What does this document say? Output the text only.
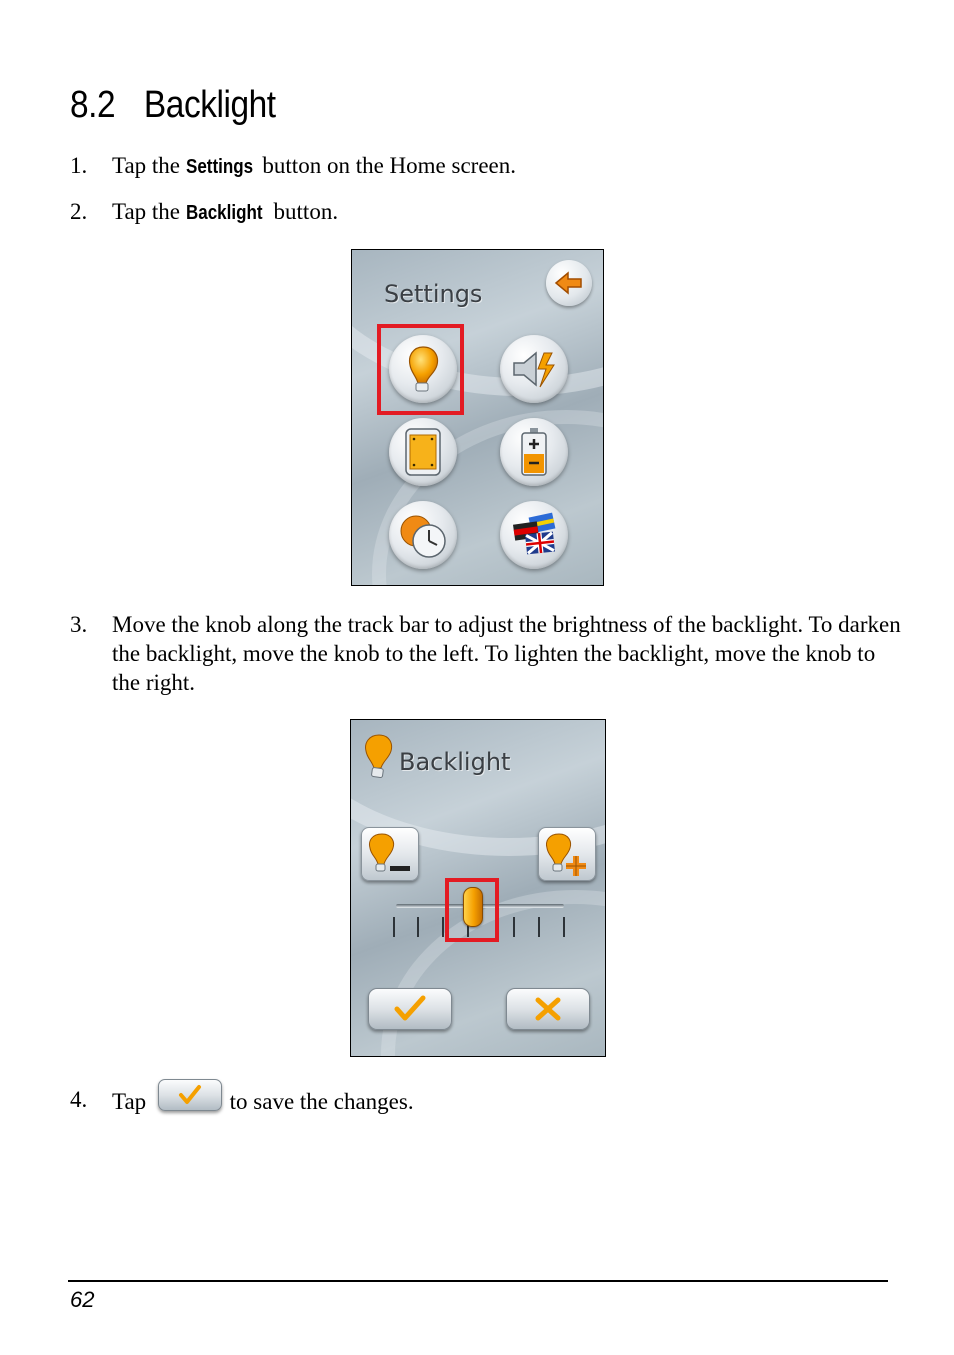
8.2 Backlight
1. Tap the Settings button on the Home screen.
2. Tap the Backlight button.
Settings
3. Move the knob along the track bar to adjust the brightness of the backlight. To darken the backlight, move the knob to the left. To lighten the backlight, move the knob to the right.
Backlight
4. Tap	to save the changes.
62
